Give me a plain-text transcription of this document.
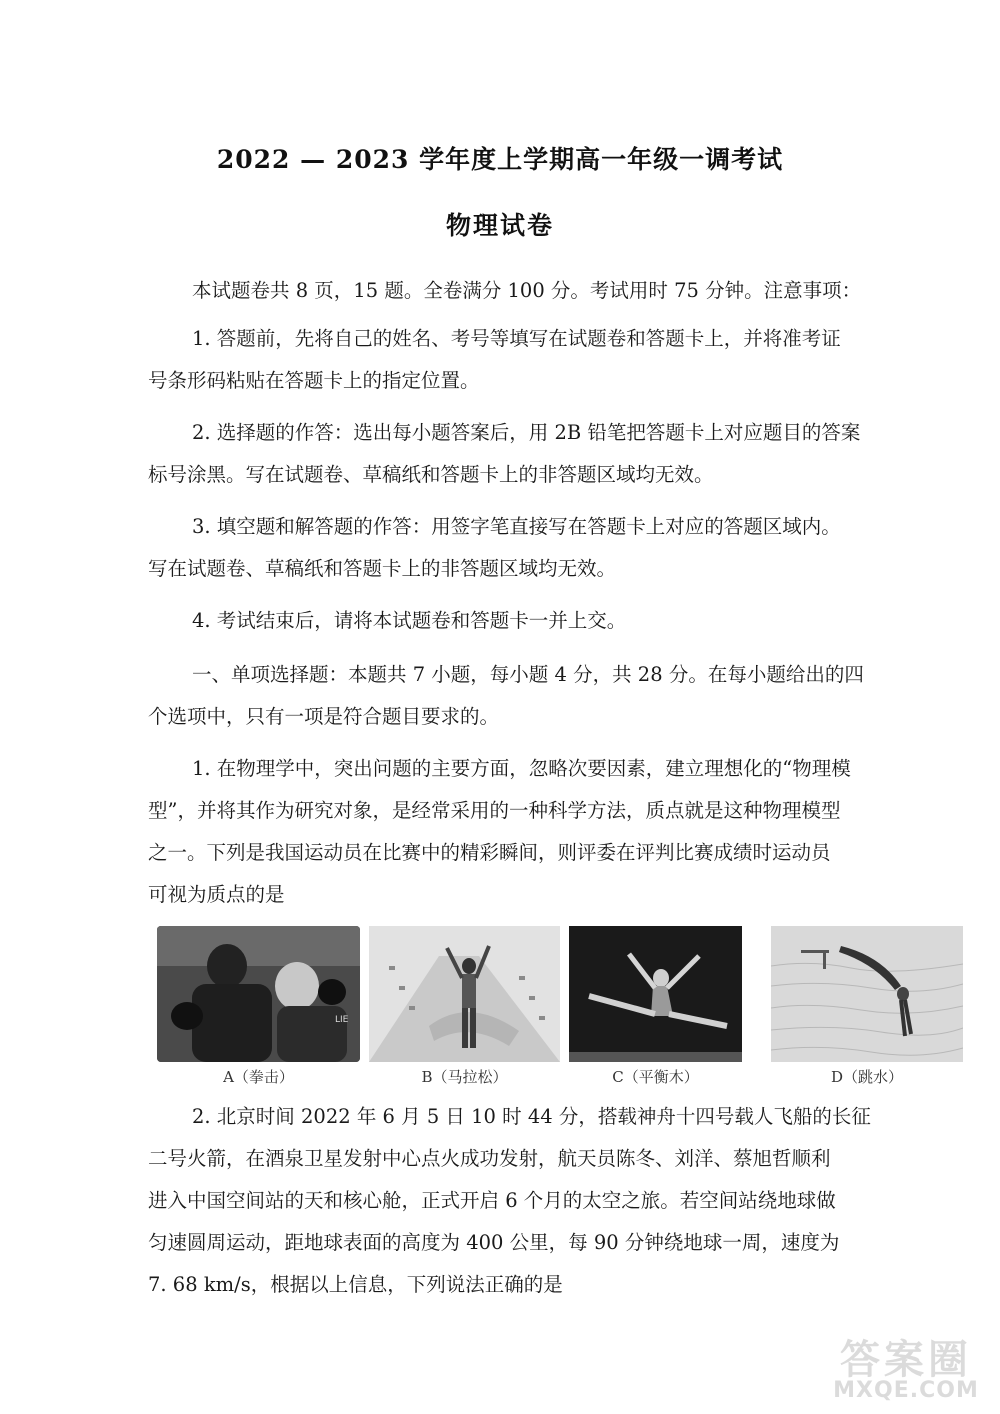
2022 — 2023 学年度上学期高一年级一调考试
物理试卷
本试题卷共 8 页，15 题。全卷满分 100 分。考试用时 75 分钟。注意事项：
1. 答题前，先将自己的姓名、考号等填写在试题卷和答题卡上，并将准考证
号条形码粘贴在答题卡上的指定位置。
2. 选择题的作答：选出每小题答案后，用 2B 铅笔把答题卡上对应题目的答案
标号涂黑。写在试题卷、草稿纸和答题卡上的非答题区域均无效。
3. 填空题和解答题的作答：用签字笔直接写在答题卡上对应的答题区域内。
写在试题卷、草稿纸和答题卡上的非答题区域均无效。
4. 考试结束后，请将本试题卷和答题卡一并上交。
一、单项选择题：本题共 7 小题，每小题 4 分，共 28 分。在每小题给出的四
个选项中，只有一项是符合题目要求的。
1. 在物理学中，突出问题的主要方面，忽略次要因素，建立理想化的“物理模
型”，并将其作为研究对象，是经常采用的一种科学方法，质点就是这种物理模型
之一。下列是我国运动员在比赛中的精彩瞬间，则评委在评判比赛成绩时运动员
可视为质点的是
LIE
A（拳击）	B（马拉松）	C（平衡木）	D（跳水）
2. 北京时间 2022 年 6 月 5 日 10 时 44 分，搭载神舟十四号载人飞船的长征
二号火箭，在酒泉卫星发射中心点火成功发射，航天员陈冬、刘洋、蔡旭哲顺利
进入中国空间站的天和核心舱，正式开启 6 个月的太空之旅。若空间站绕地球做
匀速圆周运动，距地球表面的高度为 400 公里，每 90 分钟绕地球一周，速度为
7. 68 km/s，根据以上信息，下列说法正确的是
答案圈
MXQE.COM
